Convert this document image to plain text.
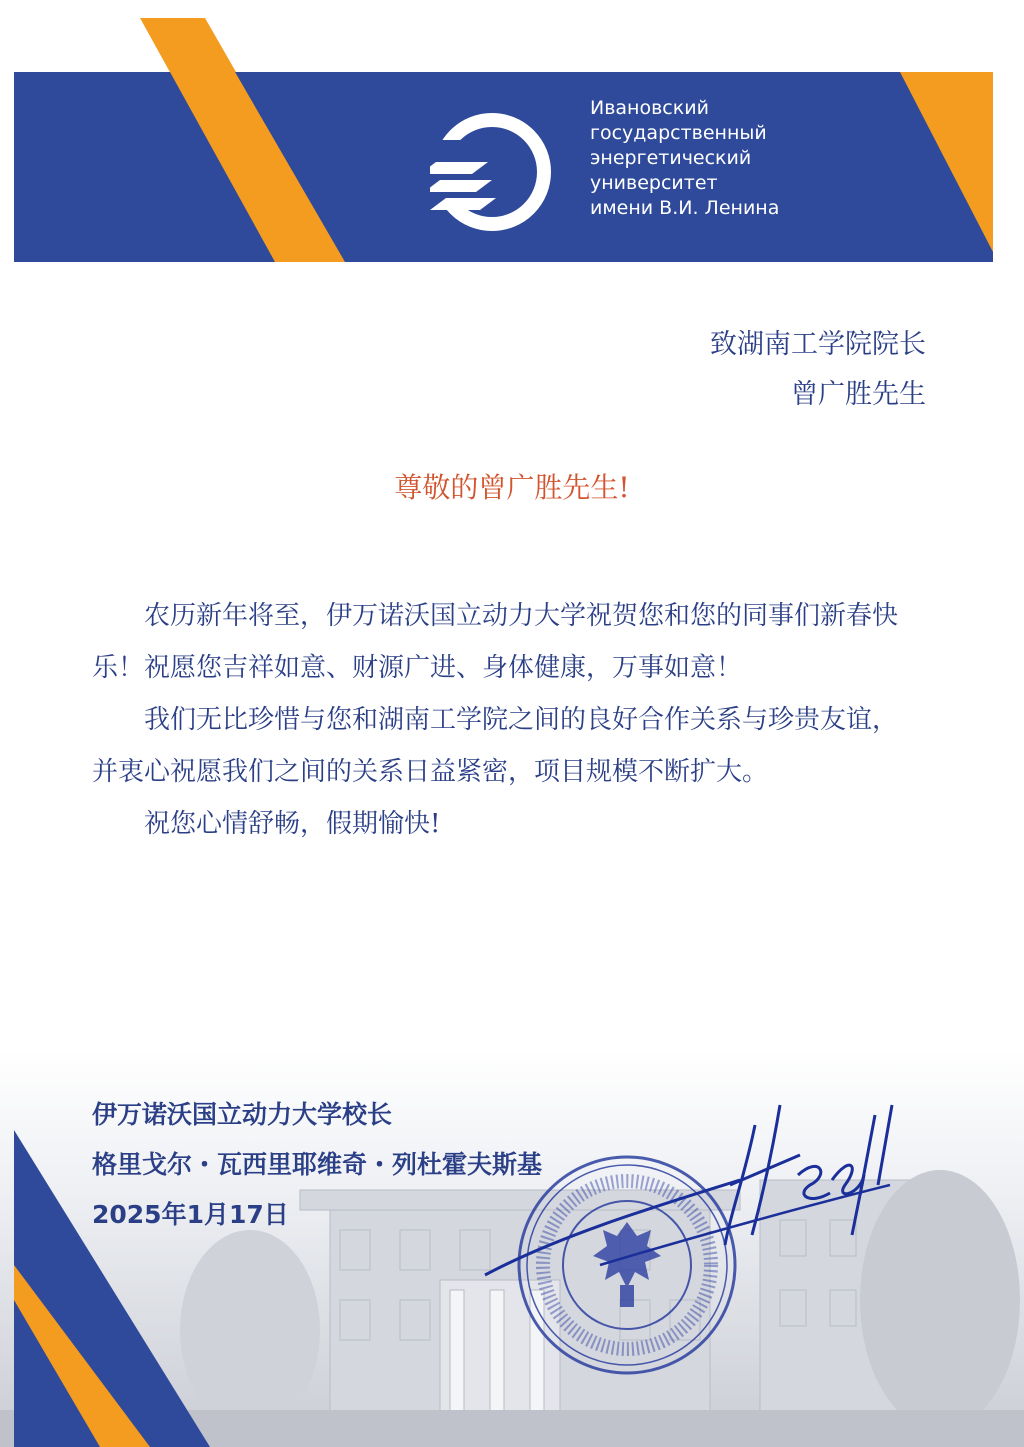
Ивановский
государственный
энергетический
университет
имени В.И. Ленина

致湖南工学院院长

曾广胜先生

尊敬的曾广胜先生!

农历新年将至，伊万诺沃国立动力大学祝贺您和您的同事们新春快乐！祝愿您吉祥如意、财源广进、身体健康，万事如意！

我们无比珍惜与您和湖南工学院之间的良好合作关系与珍贵友谊，并衷心祝愿我们之间的关系日益紧密，项目规模不断扩大。

祝您心情舒畅，假期愉快!

伊万诺沃国立动力大学校长

格里戈尔・瓦西里耶维奇・列杜霍夫斯基

2025年1月17日
